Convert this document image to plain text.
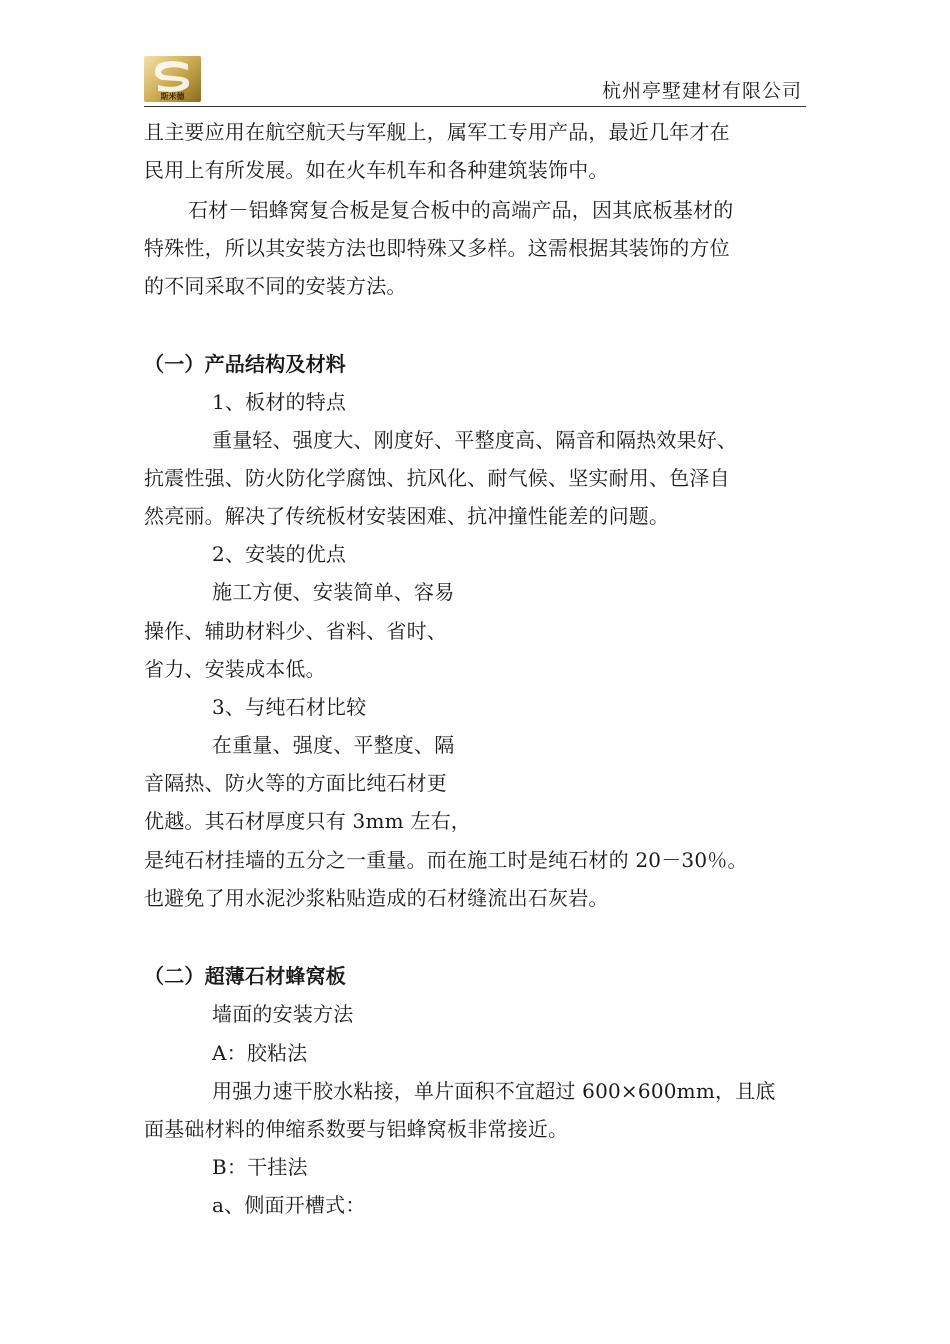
斯米德	杭州亭墅建材有限公司
且主要应用在航空航天与军舰上，属军工专用产品，最近几年才在
民用上有所发展。如在火车机车和各种建筑装饰中。
石材－铝蜂窝复合板是复合板中的高端产品，因其底板基材的
特殊性，所以其安装方法也即特殊又多样。这需根据其装饰的方位
的不同采取不同的安装方法。
（一）产品结构及材料
1、板材的特点
重量轻、强度大、刚度好、平整度高、隔音和隔热效果好、
抗震性强、防火防化学腐蚀、抗风化、耐气候、坚实耐用、色泽自
然亮丽。解决了传统板材安装困难、抗冲撞性能差的问题。
2、安装的优点
施工方便、安装简单、容易
操作、辅助材料少、省料、省时、
省力、安装成本低。
3、与纯石材比较
在重量、强度、平整度、隔
音隔热、防火等的方面比纯石材更
优越。其石材厚度只有 3mm 左右，
是纯石材挂墙的五分之一重量。而在施工时是纯石材的 20－30％。
也避免了用水泥沙浆粘贴造成的石材缝流出石灰岩。
（二）超薄石材蜂窝板
墙面的安装方法
A：胶粘法
用强力速干胶水粘接，单片面积不宜超过 600×600mm，且底
面基础材料的伸缩系数要与铝蜂窝板非常接近。
B：干挂法
a、侧面开槽式：
